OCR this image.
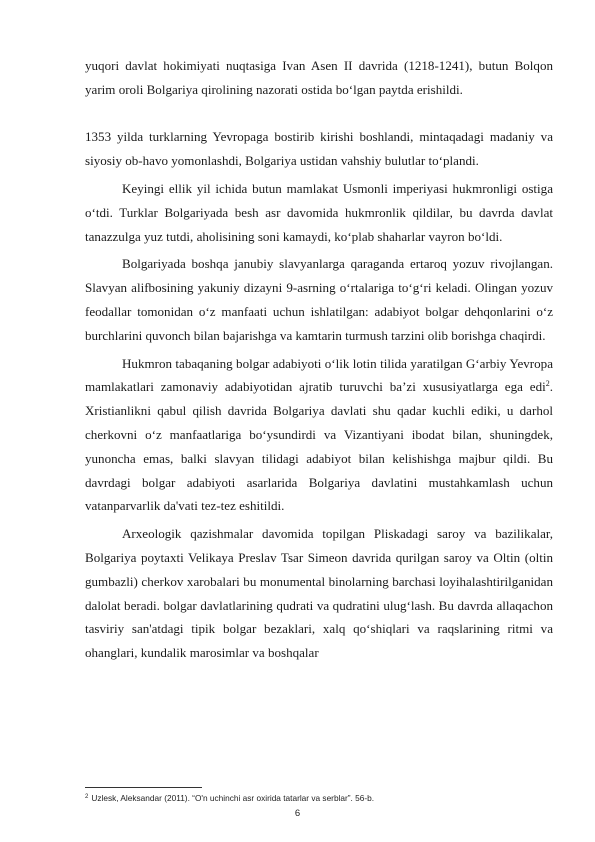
yuqori davlat hokimiyati nuqtasiga Ivan Asen II davrida (1218-1241), butun Bolqon yarim oroli Bolgariya qirolining nazorati ostida bo‘lgan paytda erishildi.

1353 yilda turklarning Yevropaga bostirib kirishi boshlandi, mintaqadagi madaniy va siyosiy ob-havo yomonlashdi, Bolgariya ustidan vahshiy bulutlar to‘plandi.

Keyingi ellik yil ichida butun mamlakat Usmonli imperiyasi hukmronligi ostiga o‘tdi. Turklar Bolgariyada besh asr davomida hukmronlik qildilar, bu davrda davlat tanazzulga yuz tutdi, aholisining soni kamaydi, ko‘plab shaharlar vayron bo‘ldi.

Bolgariyada boshqa janubiy slavyanlarga qaraganda ertaroq yozuv rivojlangan. Slavyan alifbosining yakuniy dizayni 9-asrning o‘rtalariga to‘g‘ri keladi. Olingan yozuv feodallar tomonidan o‘z manfaati uchun ishlatilgan: adabiyot bolgar dehqonlarini o‘z burchlarini quvonch bilan bajarishga va kamtarin turmush tarzini olib borishga chaqirdi.

Hukmron tabaqaning bolgar adabiyoti o‘lik lotin tilida yaratilgan G‘arbiy Yevropa mamlakatlari zamonaviy adabiyotidan ajratib turuvchi ba’zi xususiyatlarga ega edi$^2$. Xristianlikni qabul qilish davrida Bolgariya davlati shu qadar kuchli ediki, u darhol cherkovni o‘z manfaatlariga bo‘ysundirdi va Vizantiyani ibodat bilan, shuningdek, yunoncha emas, balki slavyan tilidagi adabiyot bilan kelishishga majbur qildi. Bu davrdagi bolgar adabiyoti asarlarida Bolgariya davlatini mustahkamlash uchun vatanparvarlik da'vati tez-tez eshitildi.

Arxeologik qazishmalar davomida topilgan Pliskadagi saroy va bazilikalar, Bolgariya poytaxti Velikaya Preslav Tsar Simeon davrida qurilgan saroy va Oltin (oltin gumbazli) cherkov xarobalari bu monumental binolarning barchasi loyihalashtirilganidan dalolat beradi. bolgar davlatlarining qudrati va qudratini ulug‘lash. Bu davrda allaqachon tasviriy san'atdagi tipik bolgar bezaklari, xalq qo‘shiqlari va raqslarining ritmi va ohanglari, kundalik marosimlar va boshqalar

$^2$ Uzlesk, Aleksandar (2011). “O'n uchinchi asr oxirida tatarlar va serblar”. 56-b.
6
